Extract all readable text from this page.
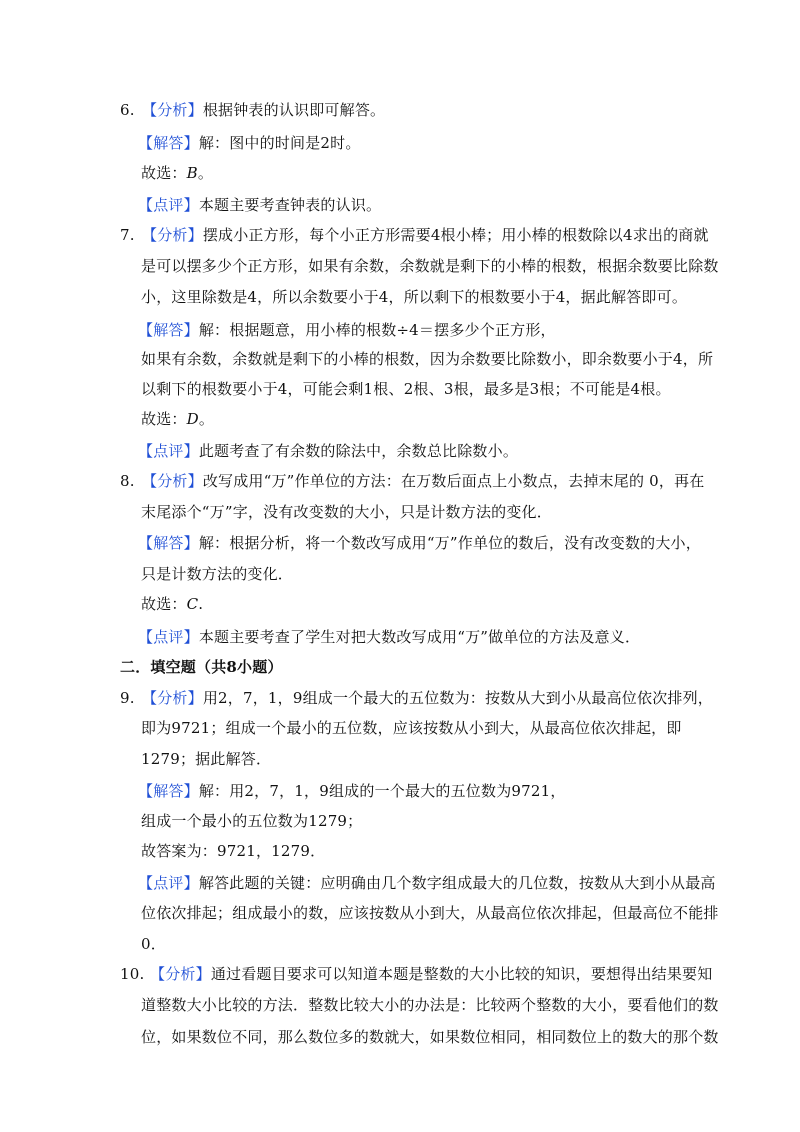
6. 【分析】根据钟表的认识即可解答。
【解答】解：图中的时间是2时。
故选：B。
【点评】本题主要考查钟表的认识。
7. 【分析】摆成小正方形，每个小正方形需要4根小棒；用小棒的根数除以4求出的商就
是可以摆多少个正方形，如果有余数，余数就是剩下的小棒的根数，根据余数要比除数
小，这里除数是4，所以余数要小于4，所以剩下的根数要小于4，据此解答即可。
【解答】解：根据题意，用小棒的根数÷4＝摆多少个正方形，
如果有余数，余数就是剩下的小棒的根数，因为余数要比除数小，即余数要小于4，所
以剩下的根数要小于4，可能会剩1根、2根、3根，最多是3根；不可能是4根。
故选：D。
【点评】此题考查了有余数的除法中，余数总比除数小。
8. 【分析】改写成用“万”作单位的方法：在万数后面点上小数点，去掉末尾的 0，再在
末尾添个“万”字，没有改变数的大小，只是计数方法的变化．
【解答】解：根据分析，将一个数改写成用“万”作单位的数后，没有改变数的大小，
只是计数方法的变化．
故选：C.
【点评】本题主要考查了学生对把大数改写成用“万”做单位的方法及意义．
二．填空题（共8小题）
9. 【分析】用2，7，1，9组成一个最大的五位数为：按数从大到小从最高位依次排列，
即为9721；组成一个最小的五位数，应该按数从小到大，从最高位依次排起，即
1279；据此解答．
【解答】解：用2，7，1，9组成的一个最大的五位数为9721，
组成一个最小的五位数为1279；
故答案为：9721，1279．
【点评】解答此题的关键：应明确由几个数字组成最大的几位数，按数从大到小从最高
位依次排起；组成最小的数，应该按数从小到大，从最高位依次排起，但最高位不能排
0．
10. 【分析】通过看题目要求可以知道本题是整数的大小比较的知识，要想得出结果要知
道整数大小比较的方法．整数比较大小的办法是：比较两个整数的大小，要看他们的数
位，如果数位不同，那么数位多的数就大，如果数位相同，相同数位上的数大的那个数
